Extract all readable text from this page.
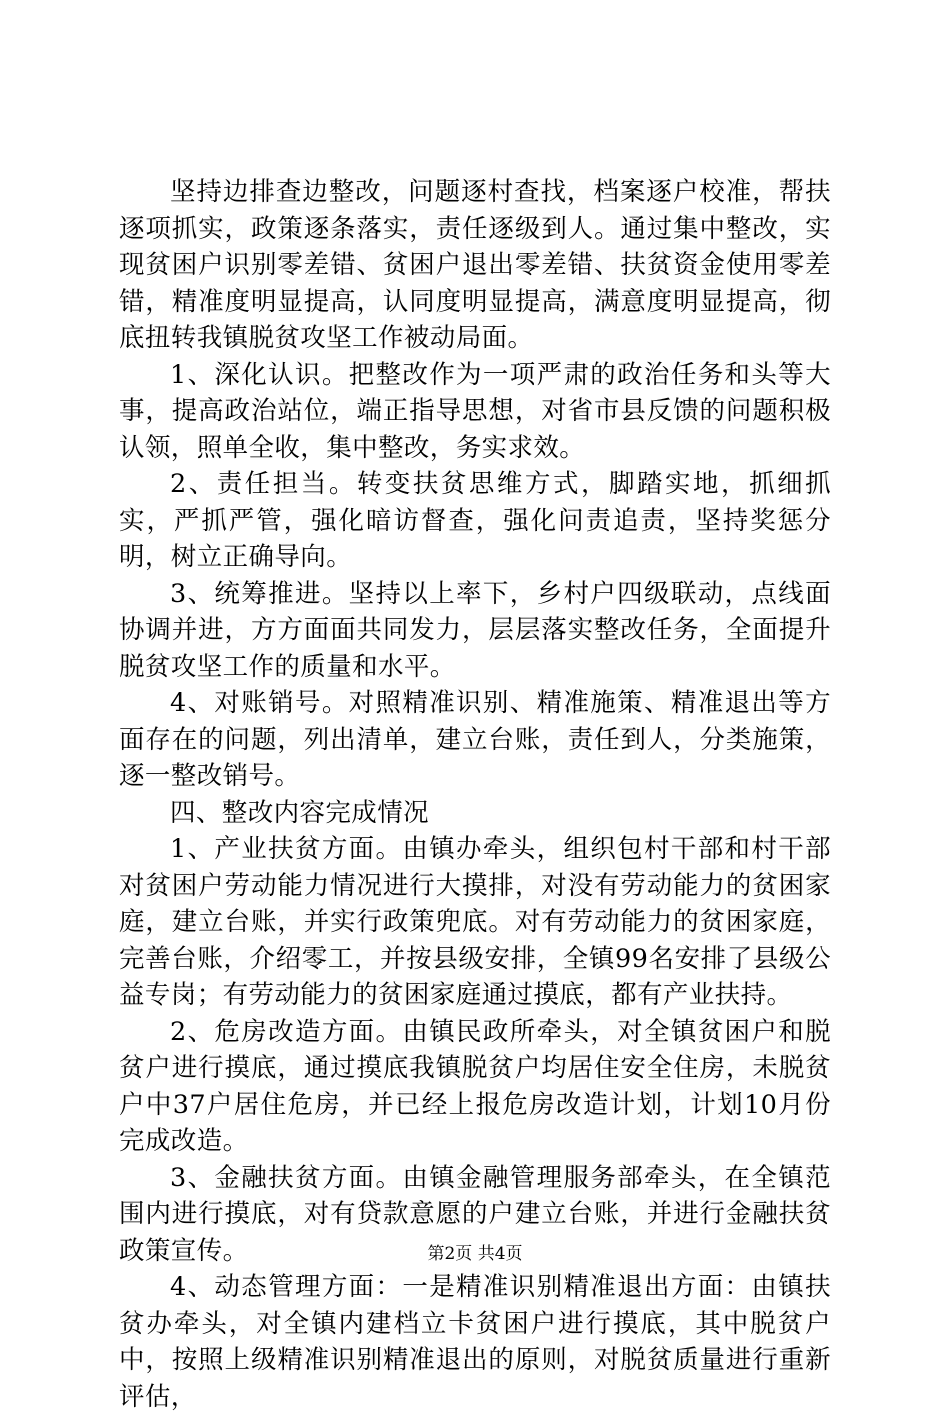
坚持边排查边整改，问题逐村查找，档案逐户校准，帮扶逐项抓实，政策逐条落实，责任逐级到人。通过集中整改，实现贫困户识别零差错、贫困户退出零差错、扶贫资金使用零差错，精准度明显提高，认同度明显提高，满意度明显提高，彻底扭转我镇脱贫攻坚工作被动局面。

1、深化认识。把整改作为一项严肃的政治任务和头等大事，提高政治站位，端正指导思想，对省市县反馈的问题积极认领，照单全收，集中整改，务实求效。

2、责任担当。转变扶贫思维方式，脚踏实地，抓细抓实，严抓严管，强化暗访督查，强化问责追责，坚持奖惩分明，树立正确导向。

3、统筹推进。坚持以上率下，乡村户四级联动，点线面协调并进，方方面面共同发力，层层落实整改任务，全面提升脱贫攻坚工作的质量和水平。

4、对账销号。对照精准识别、精准施策、精准退出等方面存在的问题，列出清单，建立台账，责任到人，分类施策，逐一整改销号。

四、整改内容完成情况

1、产业扶贫方面。由镇办牵头，组织包村干部和村干部对贫困户劳动能力情况进行大摸排，对没有劳动能力的贫困家庭，建立台账，并实行政策兜底。对有劳动能力的贫困家庭，完善台账，介绍零工，并按县级安排，全镇99名安排了县级公益专岗；有劳动能力的贫困家庭通过摸底，都有产业扶持。

2、危房改造方面。由镇民政所牵头，对全镇贫困户和脱贫户进行摸底，通过摸底我镇脱贫户均居住安全住房，未脱贫户中37户居住危房，并已经上报危房改造计划，计划10月份完成改造。

3、金融扶贫方面。由镇金融管理服务部牵头，在全镇范围内进行摸底，对有贷款意愿的户建立台账，并进行金融扶贫政策宣传。

4、动态管理方面：一是精准识别精准退出方面：由镇扶贫办牵头，对全镇内建档立卡贫困户进行摸底，其中脱贫户中，按照上级精准识别精准退出的原则，对脱贫质量进行重新评估，

第2页 共4页
